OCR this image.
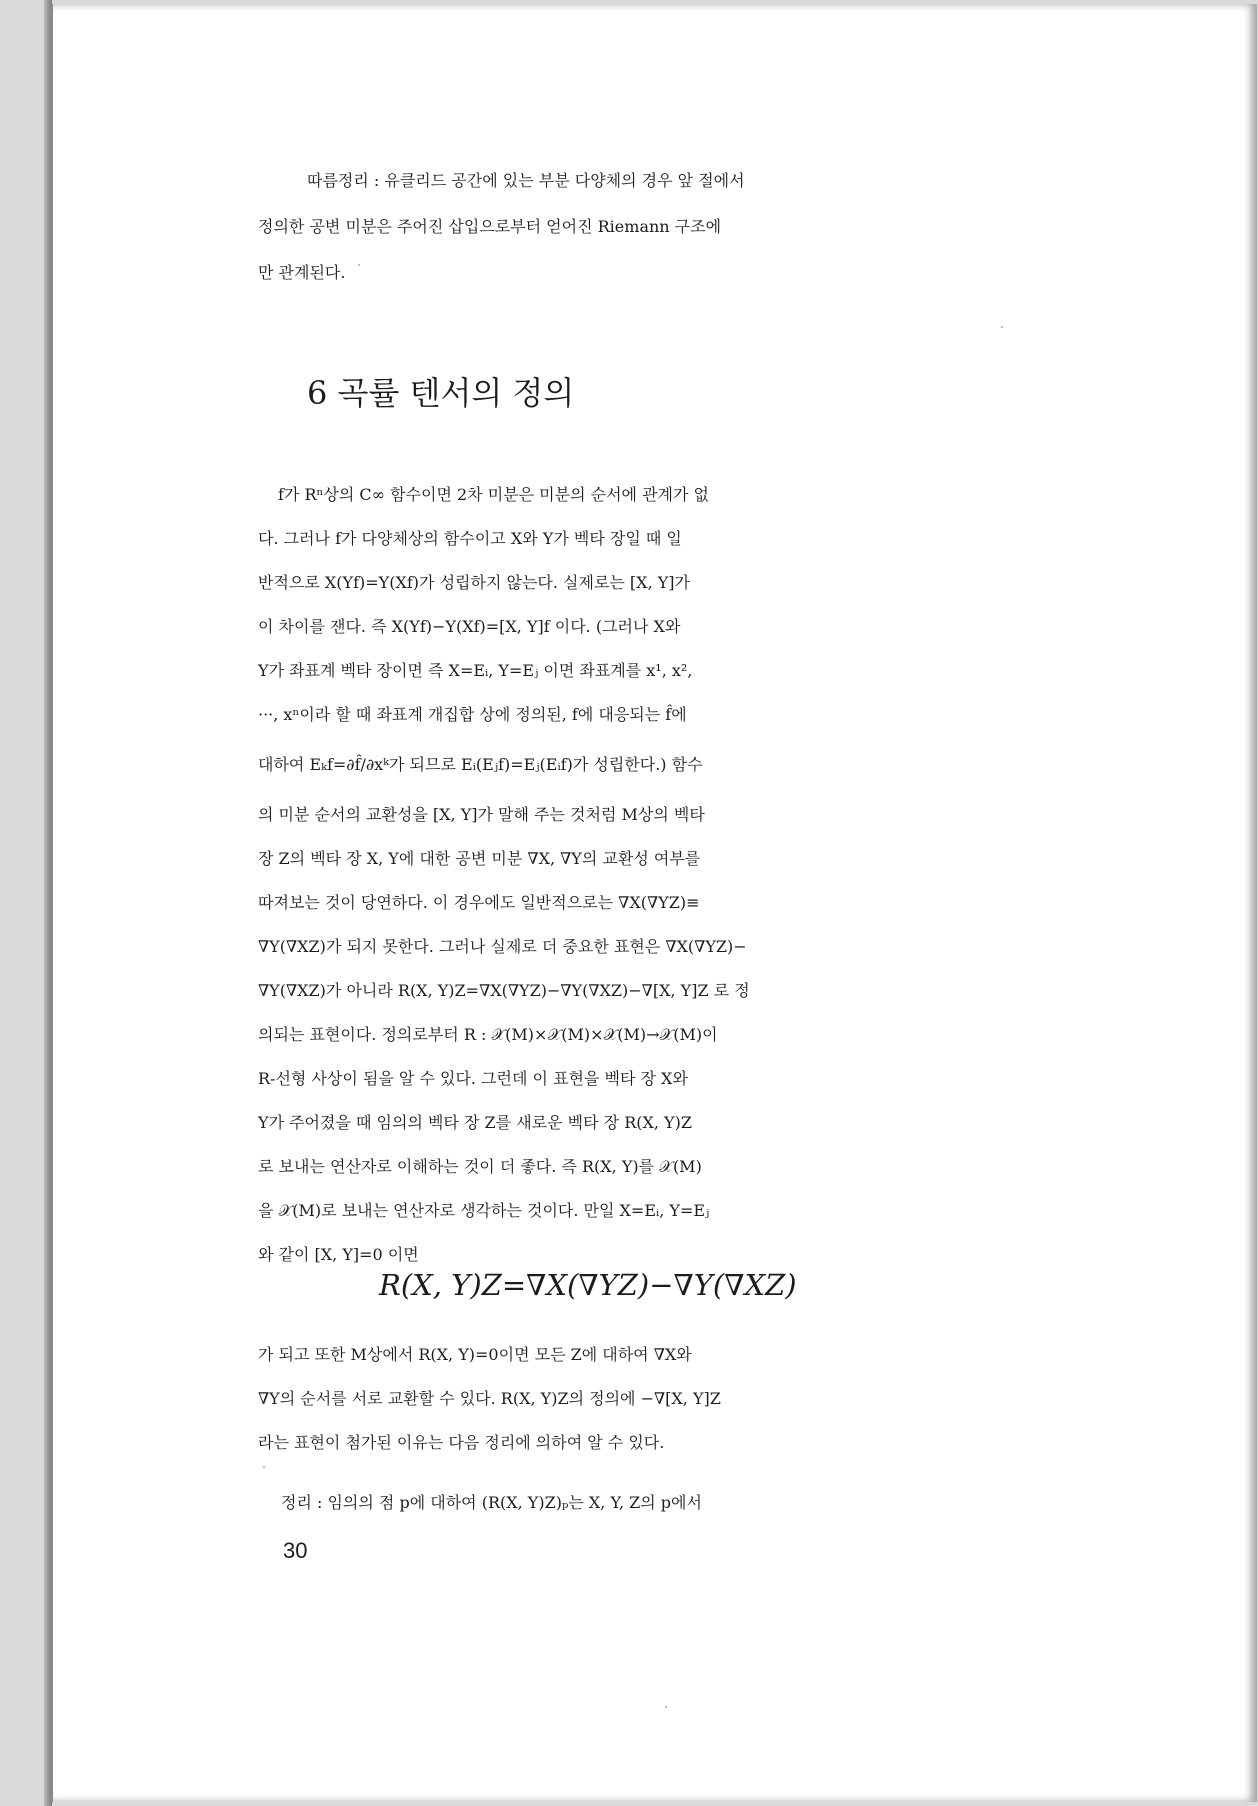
따름정리 : 유클리드 공간에 있는 부분 다양체의 경우 앞 절에서
정의한 공변 미분은 주어진 삽입으로부터 얻어진 Riemann 구조에
만 관계된다.
6 곡률 텐서의 정의
f가 Rⁿ상의 C∞ 함수이면 2차 미분은 미분의 순서에 관계가 없
다. 그러나 f가 다양체상의 함수이고 X와 Y가 벡타 장일 때 일
반적으로 X(Yf)=Y(Xf)가 성립하지 않는다. 실제로는 [X, Y]가
이 차이를 잰다. 즉 X(Yf)−Y(Xf)=[X, Y]f 이다. (그러나 X와
Y가 좌표계 벡타 장이면 즉 X=Eᵢ, Y=Eⱼ 이면 좌표계를 x¹, x²,
···, xⁿ이라 할 때 좌표계 개집합 상에 정의된, f에 대응되는 f̂에
대하여 Eₖf=∂f̂/∂xᵏ가 되므로 Eᵢ(Eⱼf)=Eⱼ(Eᵢf)가 성립한다.) 함수
의 미분 순서의 교환성을 [X, Y]가 말해 주는 것처럼 M상의 벡타
장 Z의 벡타 장 X, Y에 대한 공변 미분 ∇X, ∇Y의 교환성 여부를
따져보는 것이 당연하다. 이 경우에도 일반적으로는 ∇X(∇YZ)≡
∇Y(∇XZ)가 되지 못한다. 그러나 실제로 더 중요한 표현은 ∇X(∇YZ)−
∇Y(∇XZ)가 아니라 R(X, Y)Z=∇X(∇YZ)−∇Y(∇XZ)−∇[X, Y]Z 로 정
의되는 표현이다. 정의로부터 R : 𝒳(M)×𝒳(M)×𝒳(M)→𝒳(M)이
R-선형 사상이 됨을 알 수 있다. 그런데 이 표현을 벡타 장 X와
Y가 주어졌을 때 임의의 벡타 장 Z를 새로운 벡타 장 R(X, Y)Z
로 보내는 연산자로 이해하는 것이 더 좋다. 즉 R(X, Y)를 𝒳(M)
을 𝒳(M)로 보내는 연산자로 생각하는 것이다. 만일 X=Eᵢ, Y=Eⱼ
와 같이 [X, Y]=0 이면
R(X, Y)Z=∇X(∇YZ)−∇Y(∇XZ)
가 되고 또한 M상에서 R(X, Y)=0이면 모든 Z에 대하여 ∇X와
∇Y의 순서를 서로 교환할 수 있다. R(X, Y)Z의 정의에 −∇[X, Y]Z
라는 표현이 첨가된 이유는 다음 정리에 의하여 알 수 있다.
정리 : 임의의 점 p에 대하여 (R(X, Y)Z)ₚ는 X, Y, Z의 p에서
30
